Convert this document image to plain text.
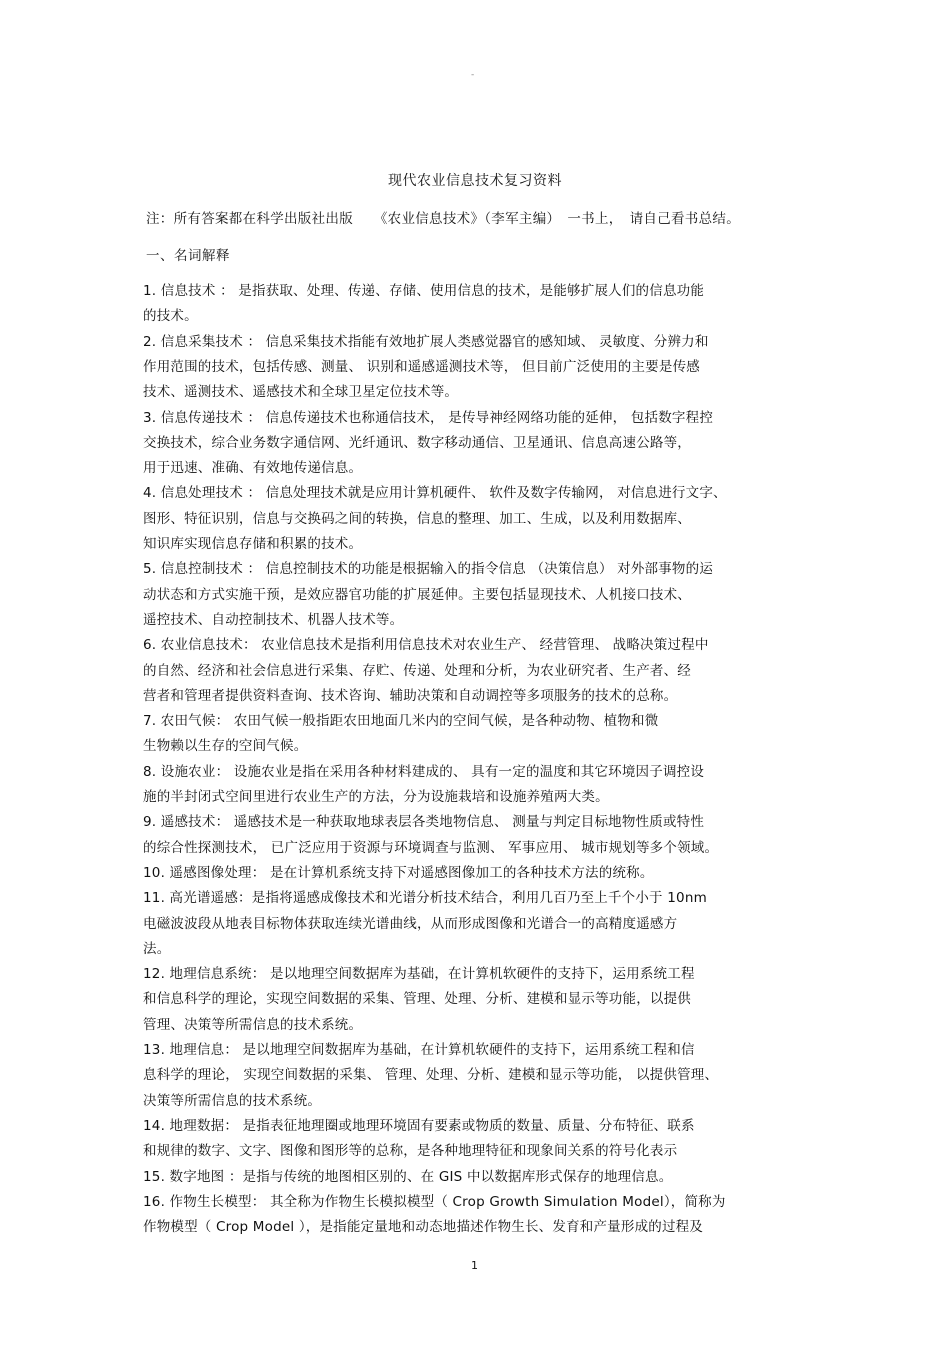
-
现代农业信息技术复习资料
注：所有答案都在科学出版社出版　　《农业信息技术》（李军主编）　一书上，　请自己看书总结。
一、名词解释
1. 信息技术 ： 是指获取、处理、传递、存储、使用信息的技术，是能够扩展人们的信息功能
的技术。
2. 信息采集技术 ： 信息采集技术指能有效地扩展人类感觉器官的感知域、 灵敏度、分辨力和
作用范围的技术，包括传感、测量、 识别和遥感遥测技术等， 但目前广泛使用的主要是传感
技术、遥测技术、遥感技术和全球卫星定位技术等。
3. 信息传递技术 ： 信息传递技术也称通信技术， 是传导神经网络功能的延伸， 包括数字程控
交换技术，综合业务数字通信网、光纤通讯、数字移动通信、卫星通讯、信息高速公路等，
用于迅速、准确、有效地传递信息。
4. 信息处理技术 ： 信息处理技术就是应用计算机硬件、 软件及数字传输网， 对信息进行文字、
图形、特征识别，信息与交换码之间的转换，信息的整理、加工、生成，以及利用数据库、
知识库实现信息存储和积累的技术。
5. 信息控制技术 ： 信息控制技术的功能是根据输入的指令信息 （决策信息） 对外部事物的运
动状态和方式实施干预，是效应器官功能的扩展延伸。主要包括显现技术、人机接口技术、
遥控技术、自动控制技术、机器人技术等。
6. 农业信息技术： 农业信息技术是指利用信息技术对农业生产、 经营管理、 战略决策过程中
的自然、经济和社会信息进行采集、存贮、传递、处理和分析，为农业研究者、生产者、经
营者和管理者提供资料查询、技术咨询、辅助决策和自动调控等多项服务的技术的总称。
7. 农田气候： 农田气候一般指距农田地面几米内的空间气候，是各种动物、植物和微
生物赖以生存的空间气候。
8. 设施农业： 设施农业是指在采用各种材料建成的、 具有一定的温度和其它环境因子调控设
施的半封闭式空间里进行农业生产的方法，分为设施栽培和设施养殖两大类。
9. 遥感技术： 遥感技术是一种获取地球表层各类地物信息、 测量与判定目标地物性质或特性
的综合性探测技术， 已广泛应用于资源与环境调查与监测、 军事应用、 城市规划等多个领域。
10. 遥感图像处理： 是在计算机系统支持下对遥感图像加工的各种技术方法的统称。
11. 高光谱遥感：是指将遥感成像技术和光谱分析技术结合，利用几百乃至上千个小于 10nm
电磁波波段从地表目标物体获取连续光谱曲线，从而形成图像和光谱合一的高精度遥感方
法。
12. 地理信息系统： 是以地理空间数据库为基础，在计算机软硬件的支持下，运用系统工程
和信息科学的理论，实现空间数据的采集、管理、处理、分析、建模和显示等功能，以提供
管理、决策等所需信息的技术系统。
13. 地理信息： 是以地理空间数据库为基础，在计算机软硬件的支持下，运用系统工程和信
息科学的理论， 实现空间数据的采集、 管理、处理、分析、建模和显示等功能， 以提供管理、
决策等所需信息的技术系统。
14. 地理数据： 是指表征地理圈或地理环境固有要素或物质的数量、质量、分布特征、联系
和规律的数字、文字、图像和图形等的总称，是各种地理特征和现象间关系的符号化表示
15. 数字地图 ：是指与传统的地图相区别的、在 GIS 中以数据库形式保存的地理信息。
16. 作物生长模型： 其全称为作物生长模拟模型（ Crop Growth Simulation Model），简称为
作物模型（ Crop Model ），是指能定量地和动态地描述作物生长、发育和产量形成的过程及
1
